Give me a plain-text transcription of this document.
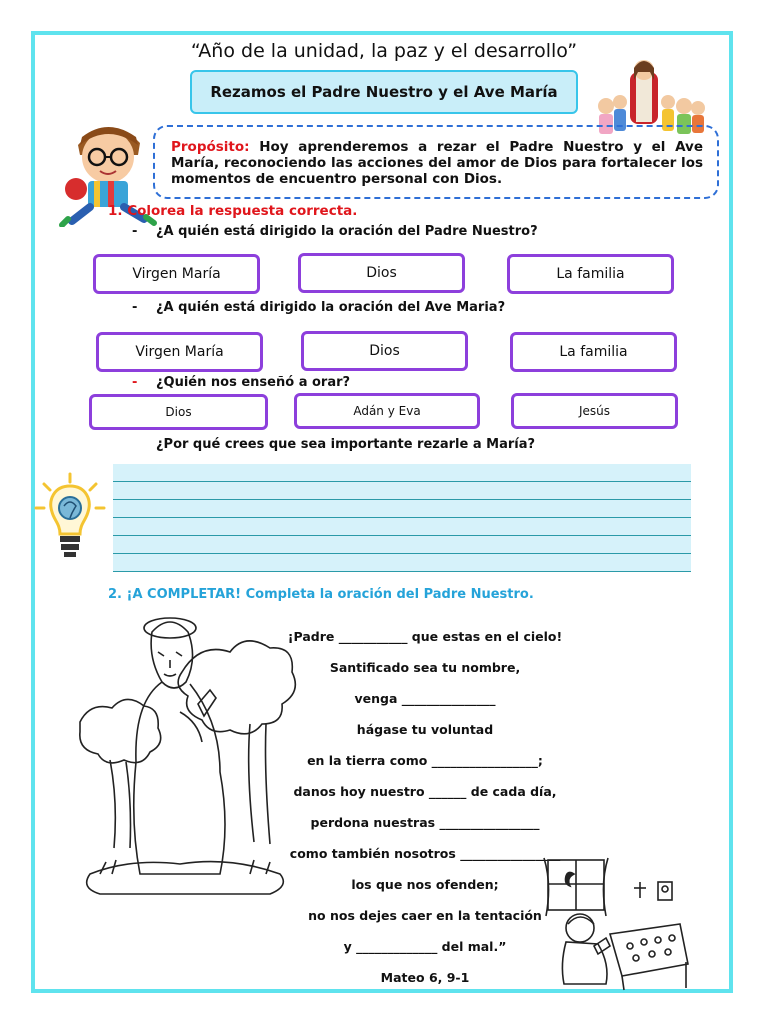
“Año de la unidad, la paz y el desarrollo”
Rezamos el Padre Nuestro y el Ave María
Propósito: Hoy aprenderemos a rezar el Padre Nuestro y el Ave María, reconociendo las acciones del amor de Dios para fortalecer los momentos de encuentro personal con Dios.
1. Colorea la respuesta correcta.
- ¿A quién está dirigido la oración del Padre Nuestro?
Virgen María	Dios	La familia
- ¿A quién está dirigido la oración del Ave Maria?
Virgen María	Dios	La familia
- ¿Quién nos enseñó a orar?
Dios	Adán y Eva	Jesús
¿Por qué crees que sea importante rezarle a María?
2. ¡A COMPLETAR! Completa la oración del Padre Nuestro.
¡Padre ___________ que estas en el cielo!
Santificado sea tu nombre,
venga _______________
hágase tu voluntad
en la tierra como _________________;
danos hoy nuestro ______ de cada día,
perdona nuestras ________________
como también nosotros ________________
los que nos ofenden;
no nos dejes caer en la tentación
y _____________ del mal.”
Mateo 6, 9-1
